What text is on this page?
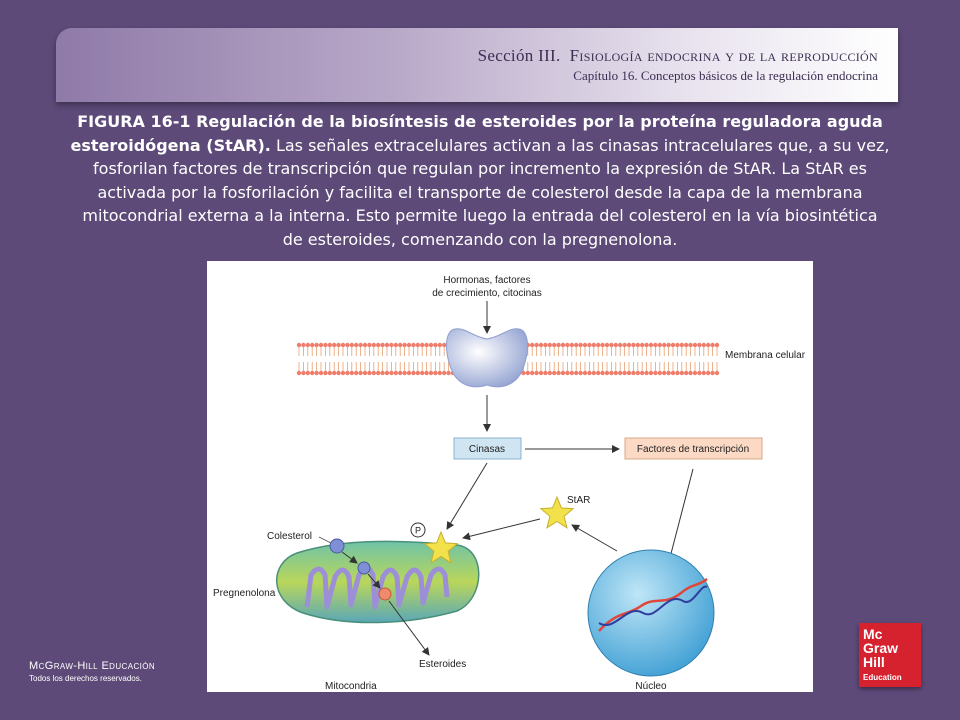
Sección III. Fisiología endocrina y de la reproducción
Capítulo 16. Conceptos básicos de la regulación endocrina
FIGURA 16-1 Regulación de la biosíntesis de esteroides por la proteína reguladora aguda esteroidógena (StAR). Las señales extracelulares activan a las cinasas intracelulares que, a su vez, fosforilan factores de transcripción que regulan por incremento la expresión de StAR. La StAR es activada por la fosforilación y facilita el transporte de colesterol desde la capa de la membrana mitocondrial externa a la interna. Esto permite luego la entrada del colesterol en la vía biosintética de esteroides, comenzando con la pregnenolona.
Hormonas, factores
de crecimiento, citocinas
Membrana celular
Cinasas	Factores de transcripción
StAR
Núcleo
P
Colesterol
Pregnenolona
Esteroides
Mitocondria
McGraw-Hill Educación
Todos los derechos reservados.
Mc
Graw
Hill
Education
